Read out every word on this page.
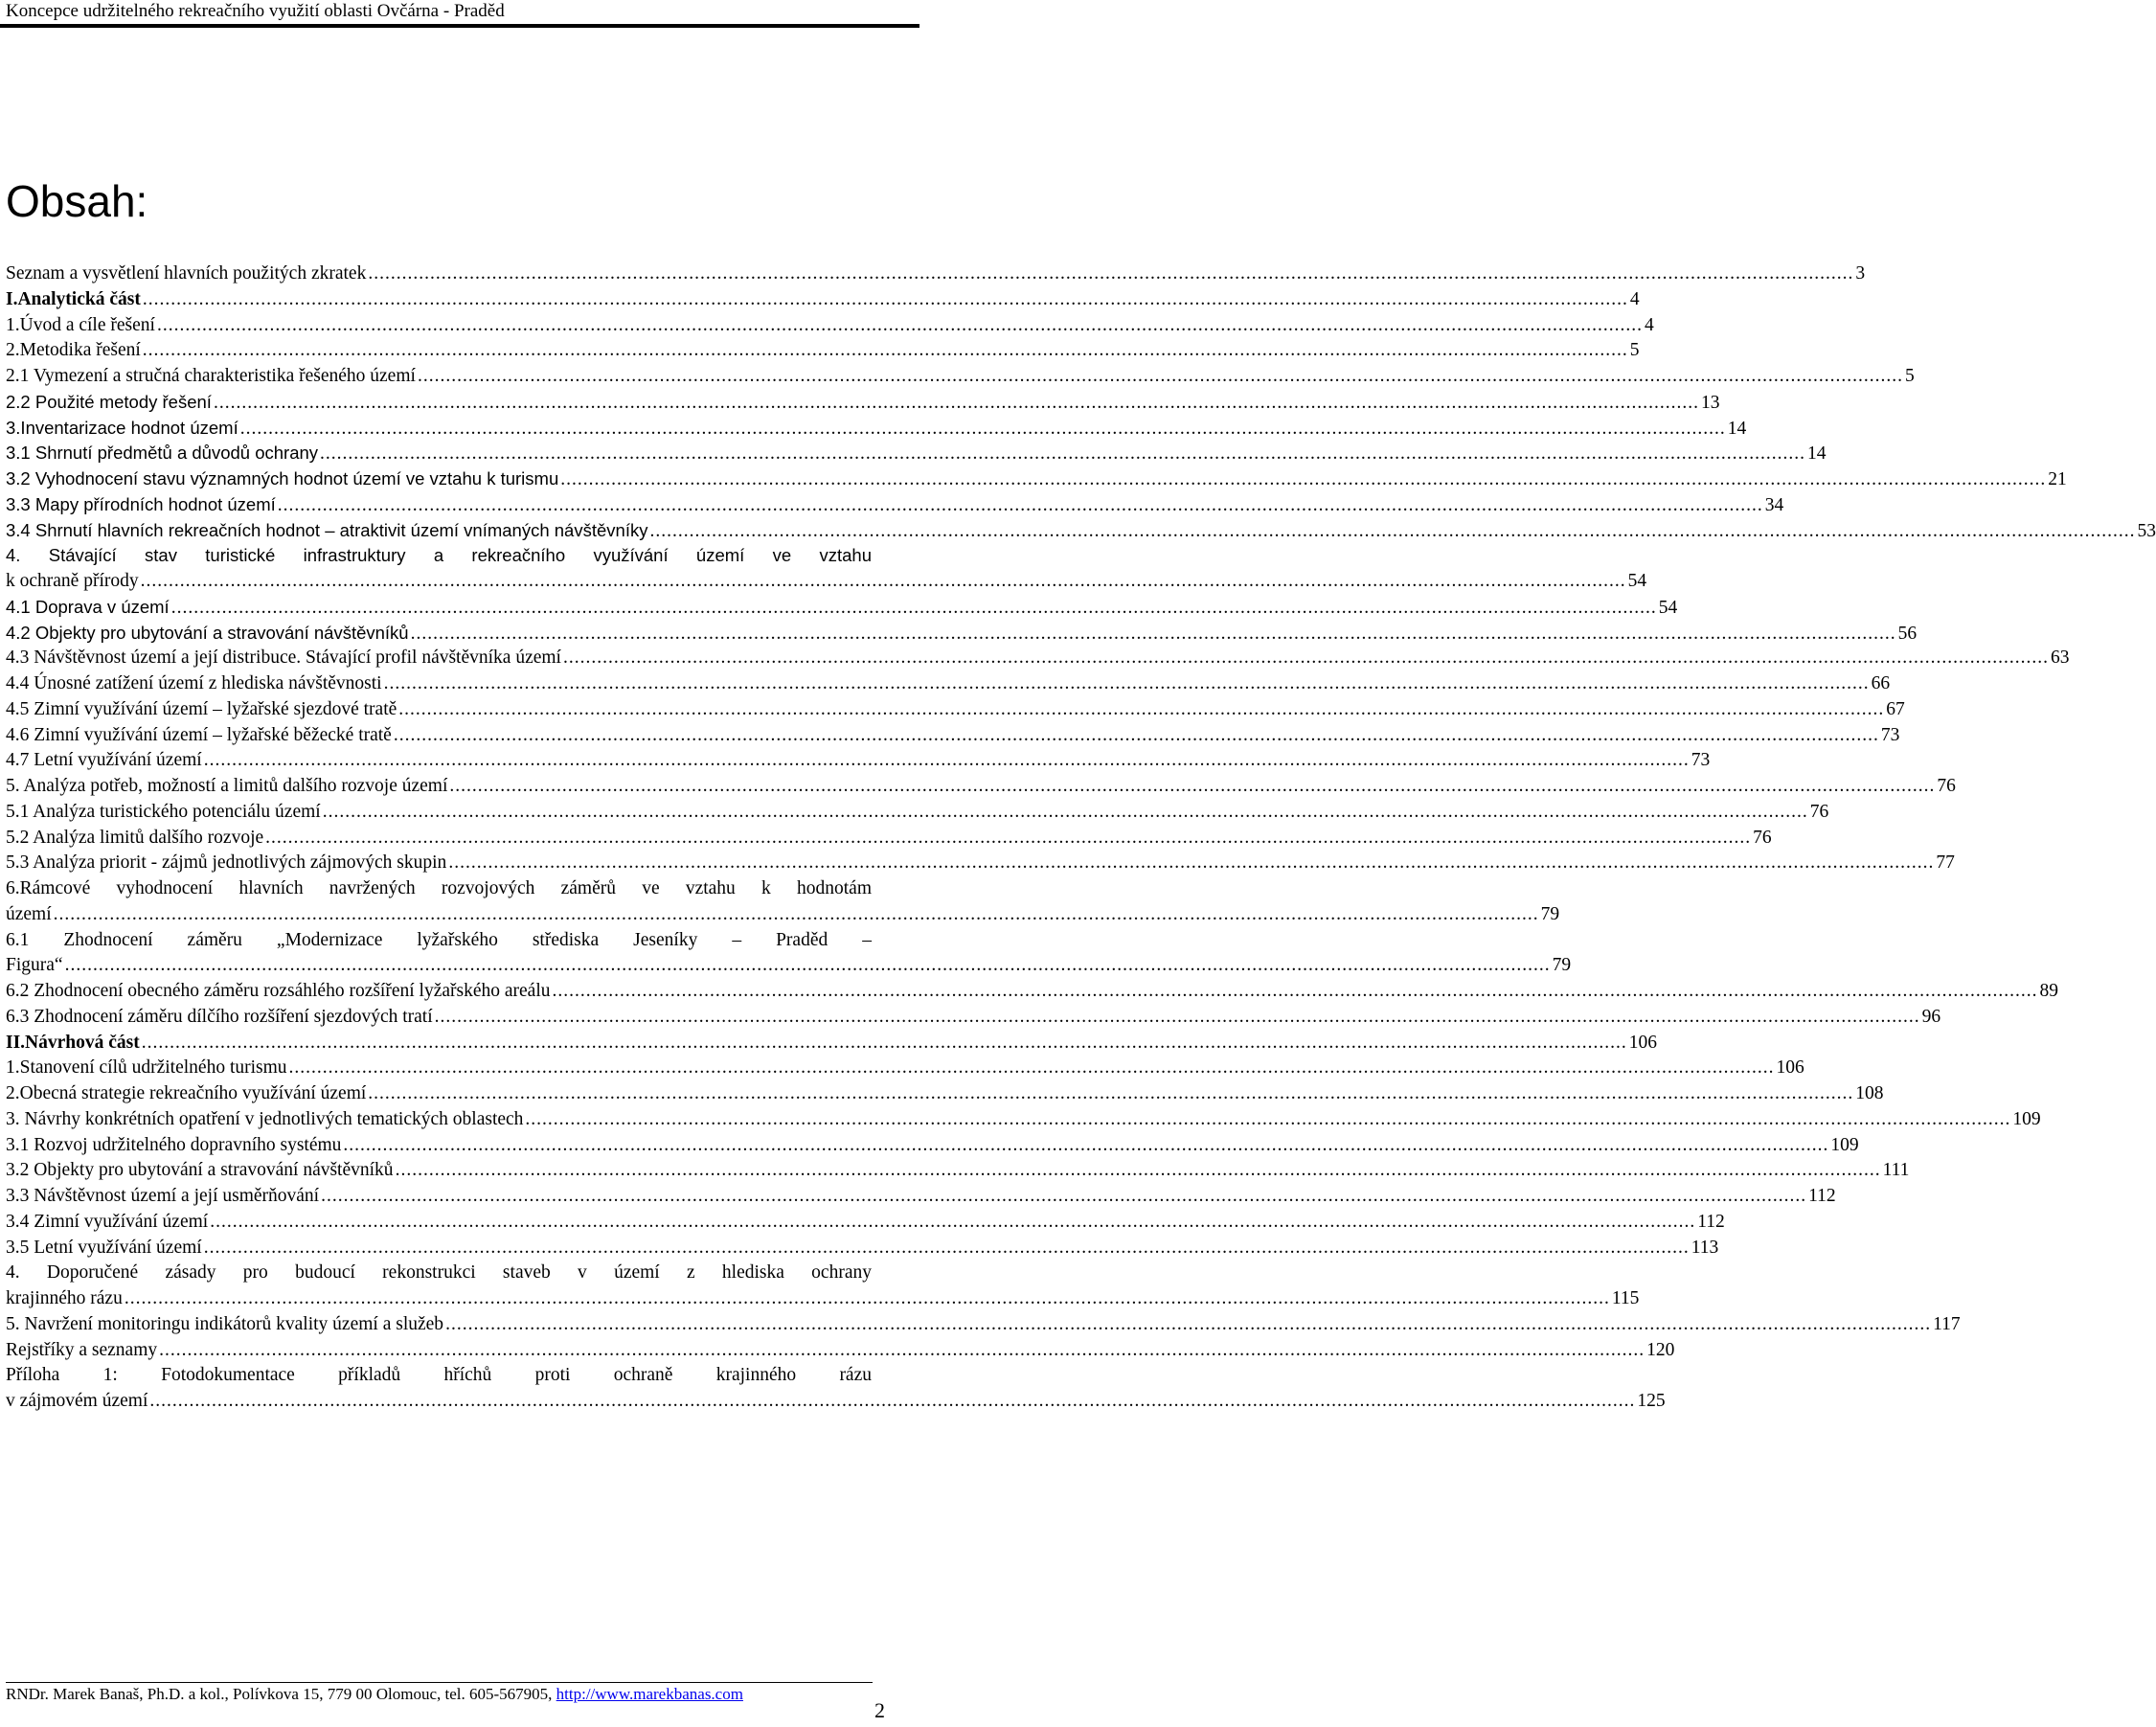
Koncepce udržitelného rekreačního využití oblasti Ovčárna - Praděd
Obsah:
Seznam a vysvětlení hlavních použitých zkratek .....	3
I.Analytická část .....	4
1.Úvod a cíle řešení .....	4
2.Metodika řešení .....	5
2.1 Vymezení a stručná charakteristika řešeného území .....	5
2.2 Použité metody řešení .....	13
3.Inventarizace hodnot území .....	14
3.1 Shrnutí předmětů a důvodů ochrany .....	14
3.2 Vyhodnocení stavu významných hodnot území ve vztahu k turismu .....	21
3.3 Mapy přírodních hodnot území .....	34
3.4 Shrnutí hlavních rekreačních hodnot – atraktivit území vnímaných návštěvníky .....	53
4. Stávající stav turistické infrastruktury a rekreačního využívání území ve vztahu
k ochraně přírody .....	54
4.1 Doprava v území .....	54
4.2 Objekty pro ubytování a stravování návštěvníků .....	56
4.3 Návštěvnost území a její distribuce. Stávající profil návštěvníka území .....	63
4.4 Únosné zatížení území z hlediska návštěvnosti .....	66
4.5 Zimní využívání území – lyžařské sjezdové tratě .....	67
4.6 Zimní využívání území – lyžařské běžecké tratě .....	73
4.7 Letní využívání území .....	73
5. Analýza potřeb, možností a limitů dalšího rozvoje území .....	76
5.1 Analýza turistického potenciálu území .....	76
5.2 Analýza limitů dalšího rozvoje .....	76
5.3 Analýza priorit - zájmů jednotlivých zájmových skupin .....	77
6.Rámcové vyhodnocení hlavních navržených rozvojových záměrů ve vztahu k hodnotám
území .....	79
6.1 Zhodnocení záměru „Modernizace lyžařského střediska Jeseníky – Praděd –
Figura“ .....	79
6.2 Zhodnocení obecného záměru rozsáhlého rozšíření lyžařského areálu .....	89
6.3 Zhodnocení záměru dílčího rozšíření sjezdových tratí .....	96
II.Návrhová část .....	106
1.Stanovení cílů udržitelného turismu .....	106
2.Obecná strategie rekreačního využívání území .....	108
3. Návrhy konkrétních opatření v jednotlivých tematických oblastech .....	109
3.1 Rozvoj udržitelného dopravního systému .....	109
3.2 Objekty pro ubytování a stravování návštěvníků .....	111
3.3 Návštěvnost území a její usměrňování .....	112
3.4 Zimní využívání území .....	112
3.5 Letní využívání území .....	113
4. Doporučené zásady pro budoucí rekonstrukci staveb v území z hlediska ochrany
krajinného rázu .....	115
5. Navržení monitoringu indikátorů kvality území a služeb .....	117
Rejstříky a seznamy .....	120
Příloha 1: Fotodokumentace příkladů hříchů proti ochraně krajinného rázu
v zájmovém území .....	125
RNDr. Marek Banaš, Ph.D. a kol., Polívkova 15, 779 00 Olomouc, tel. 605-567905, http://www.marekbanas.com
2
